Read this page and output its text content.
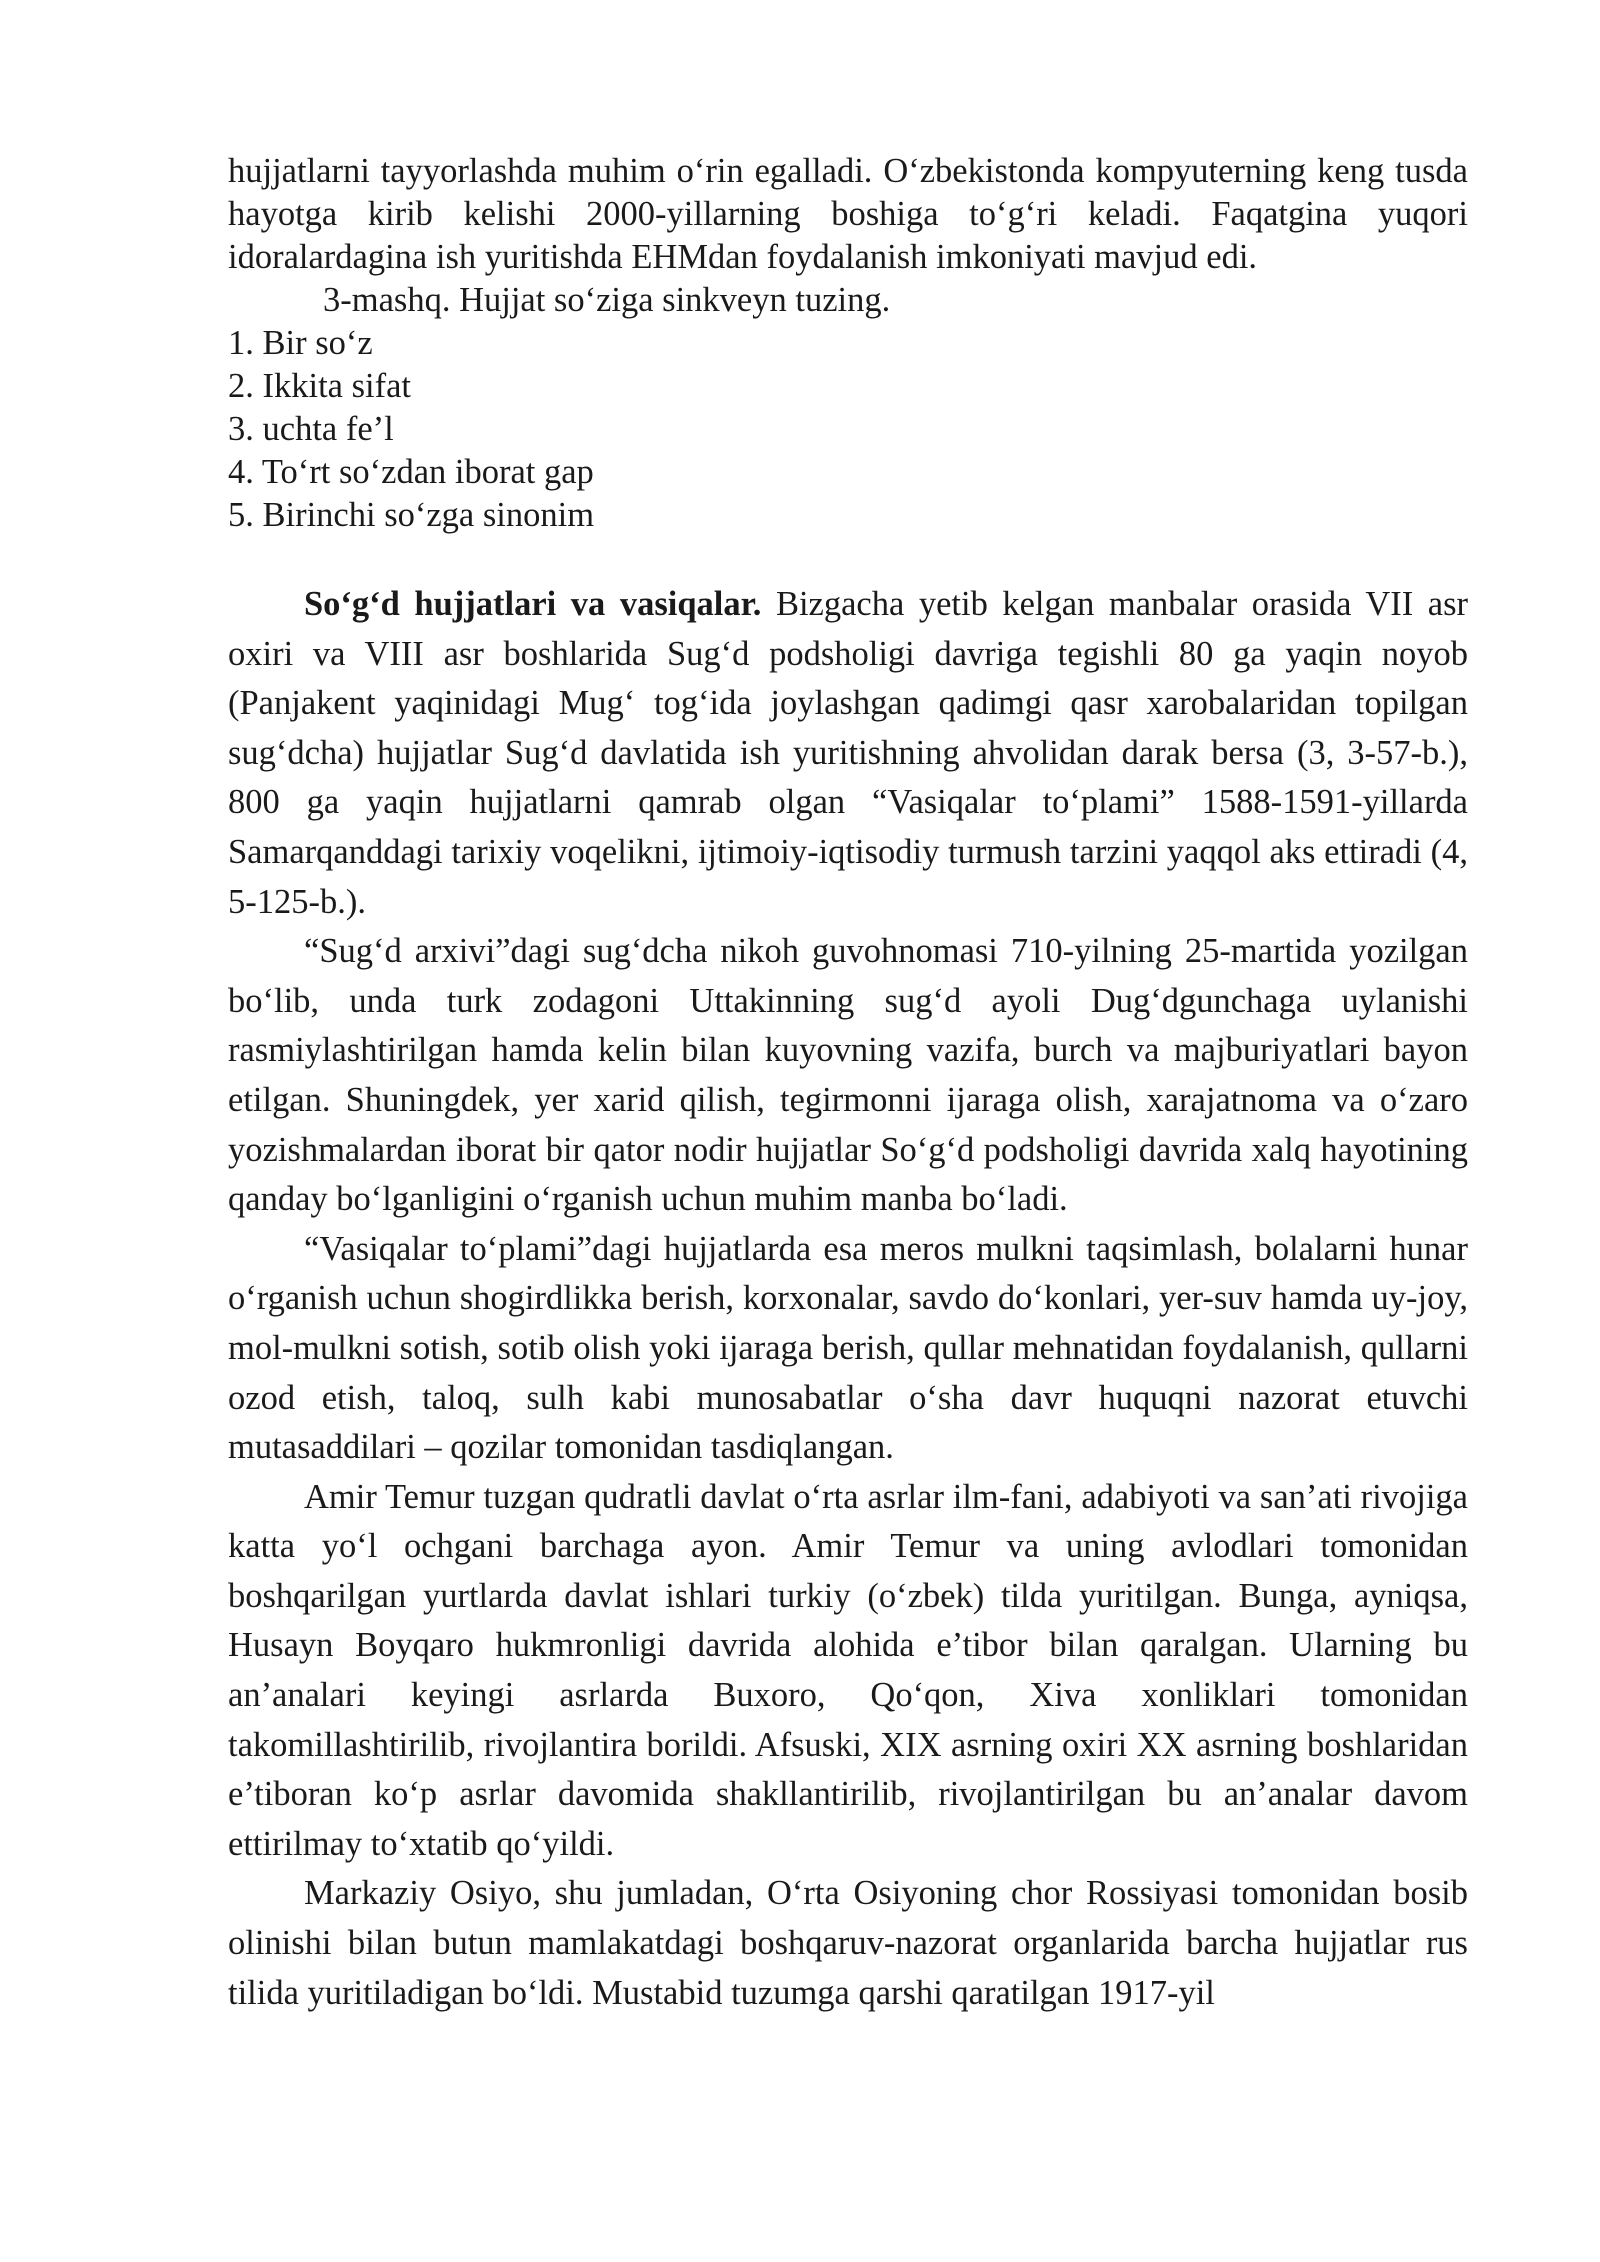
hujjatlarni tayyorlashda muhim o‘rin egalladi. O‘zbekistonda kompyuterning keng tusda hayotga kirib kelishi 2000-yillarning boshiga to‘g‘ri keladi. Faqatgina yuqori idoralardagina ish yuritishda EHMdan foydalanish imkoniyati mavjud edi.

3-mashq. Hujjat so‘ziga sinkveyn tuzing.

1. Bir so‘z
2. Ikkita sifat
3. uchta fe’l
4. To‘rt so‘zdan iborat gap
5. Birinchi so‘zga sinonim

So‘g‘d hujjatlari va vasiqalar. Bizgacha yetib kelgan manbalar orasida VII asr oxiri va VIII asr boshlarida Sug‘d podsholigi davriga tegishli 80 ga yaqin noyob (Panjakent yaqinidagi Mug‘ tog‘ida joylashgan qadimgi qasr xarobalaridan topilgan sug‘dcha) hujjatlar Sug‘d davlatida ish yuritishning ahvolidan darak bersa (3, 3-57-b.), 800 ga yaqin hujjatlarni qamrab olgan “Vasiqalar to‘plami” 1588-1591-yillarda Samarqanddagi tarixiy voqelikni, ijtimoiy-iqtisodiy turmush tarzini yaqqol aks ettiradi (4, 5-125-b.).

“Sug‘d arxivi”dagi sug‘dcha nikoh guvohnomasi 710-yilning 25-martida yozilgan bo‘lib, unda turk zodagoni Uttakinning sug‘d ayoli Dug‘dgunchaga uylanishi rasmiylashtirilgan hamda kelin bilan kuyovning vazifa, burch va majburiyatlari bayon etilgan. Shuningdek, yer xarid qilish, tegirmonni ijaraga olish, xarajatnoma va o‘zaro yozishmalardan iborat bir qator nodir hujjatlar So‘g‘d podsholigi davrida xalq hayotining qanday bo‘lganligini o‘rganish uchun muhim manba bo‘ladi.

“Vasiqalar to‘plami”dagi hujjatlarda esa meros mulkni taqsimlash, bolalarni hunar o‘rganish uchun shogirdlikka berish, korxonalar, savdo do‘konlari, yer-suv hamda uy-joy, mol-mulkni sotish, sotib olish yoki ijaraga berish, qullar mehnatidan foydalanish, qullarni ozod etish, taloq, sulh kabi munosabatlar o‘sha davr huquqni nazorat etuvchi mutasaddilari – qozilar tomonidan tasdiqlangan.

Amir Temur tuzgan qudratli davlat o‘rta asrlar ilm-fani, adabiyoti va san’ati rivojiga katta yo‘l ochgani barchaga ayon. Amir Temur va uning avlodlari tomonidan boshqarilgan yurtlarda davlat ishlari turkiy (o‘zbek) tilda yuritilgan. Bunga, ayniqsa, Husayn Boyqaro hukmronligi davrida alohida e’tibor bilan qaralgan. Ularning bu an’analari keyingi asrlarda Buxoro, Qo‘qon, Xiva xonliklari tomonidan takomillashtirilib, rivojlantira borildi. Afsuski, XIX asrning oxiri XX asrning boshlaridan e’tiboran ko‘p asrlar davomida shakllantirilib, rivojlantirilgan bu an’analar davom ettirilmay to‘xtatib qo‘yildi.

Markaziy Osiyo, shu jumladan, O‘rta Osiyoning chor Rossiyasi tomonidan bosib olinishi bilan butun mamlakatdagi boshqaruv-nazorat organlarida barcha hujjatlar rus tilida yuritiladigan bo‘ldi. Mustabid tuzumga qarshi qaratilgan 1917-yil
